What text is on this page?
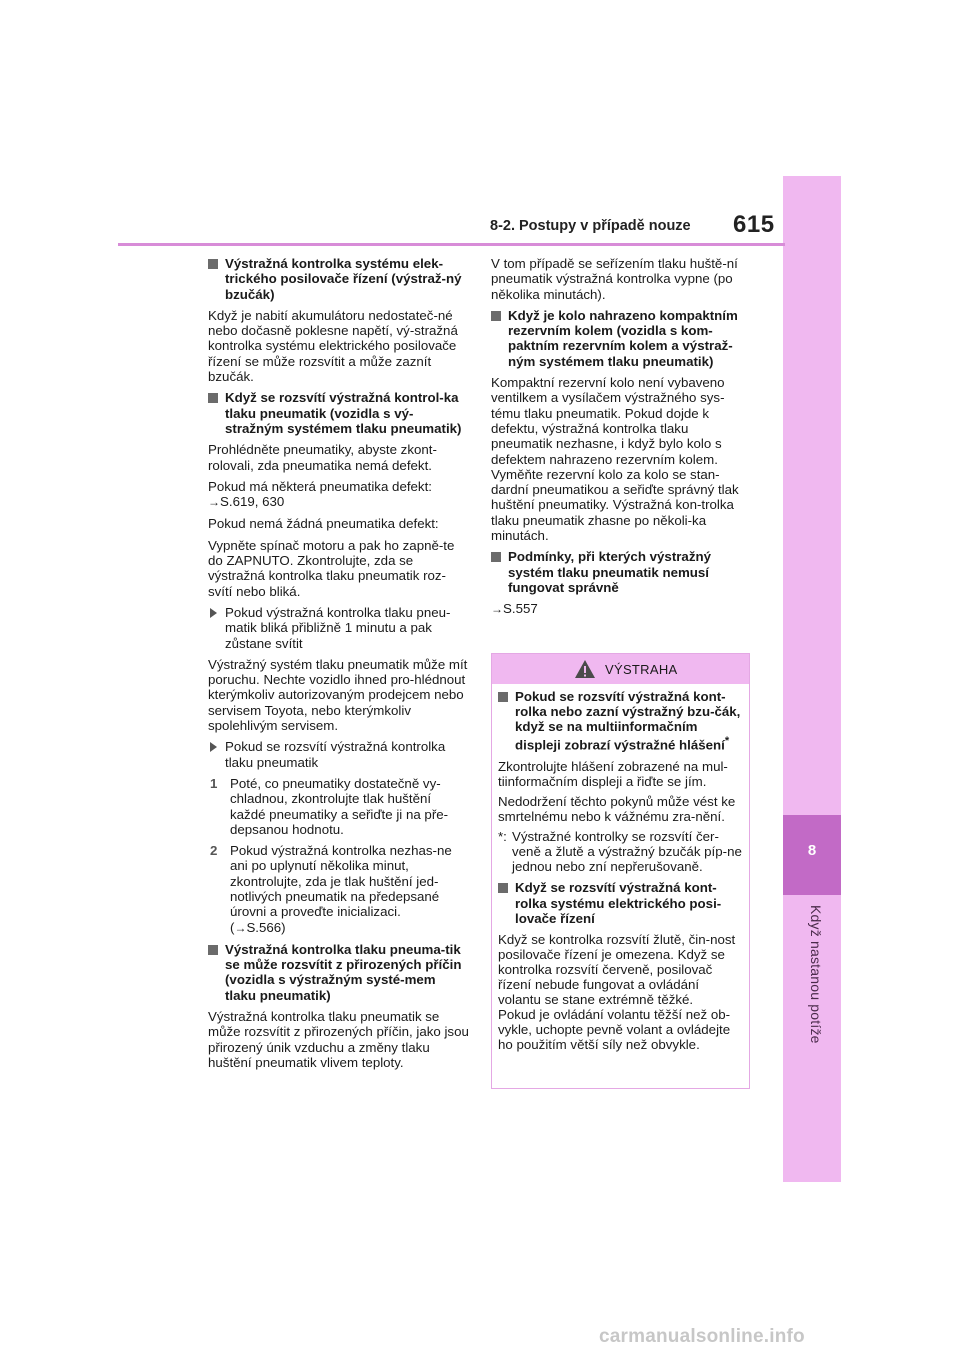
8
Když nastanou potíže
8-2. Postupy v případě nouze 615
Výstražná kontrolka systému elek-trického posilovače řízení (výstraž-ný bzučák)

Když je nabití akumulátoru nedostateč-né nebo dočasně poklesne napětí, vý-stražná kontrolka systému elektrického posilovače řízení se může rozsvítit a může zaznít bzučák.

Když se rozsvítí výstražná kontrol-ka tlaku pneumatik (vozidla s vý-stražným systémem tlaku pneumatik)

Prohlédněte pneumatiky, abyste zkont-rolovali, zda pneumatika nemá defekt.

Pokud má některá pneumatika defekt:
→S.619, 630

Pokud nemá žádná pneumatika defekt:

Vypněte spínač motoru a pak ho zapně-te do ZAPNUTO. Zkontrolujte, zda se výstražná kontrolka tlaku pneumatik roz-svítí nebo bliká.

Pokud výstražná kontrolka tlaku pneu-matik bliká přibližně 1 minutu a pak zůstane svítit

Výstražný systém tlaku pneumatik může mít poruchu. Nechte vozidlo ihned pro-hlédnout kterýmkoliv autorizovaným prodejcem nebo servisem Toyota, nebo kterýmkoliv spolehlivým servisem.

Pokud se rozsvítí výstražná kontrolka tlaku pneumatik
1 Poté, co pneumatiky dostatečně vy-chladnou, zkontrolujte tlak huštění každé pneumatiky a seřiďte ji na pře-depsanou hodnotu.
2 Pokud výstražná kontrolka nezhas-ne ani po uplynutí několika minut, zkontrolujte, zda je tlak huštění jed-notlivých pneumatik na předepsané úrovni a proveďte inicializaci.
(→S.566)
Výstražná kontrolka tlaku pneuma-tik se může rozsvítit z přirozených příčin (vozidla s výstražným systé-mem tlaku pneumatik)

Výstražná kontrolka tlaku pneumatik se může rozsvítit z přirozených příčin, jako jsou přirozený únik vzduchu a změny tlaku huštění pneumatik vlivem teploty.

V tom případě se seřízením tlaku huště-ní pneumatik výstražná kontrolka vypne (po několika minutách).

Když je kolo nahrazeno kompaktním rezervním kolem (vozidla s kom-paktním rezervním kolem a výstraž-ným systémem tlaku pneumatik)

Kompaktní rezervní kolo není vybaveno ventilkem a vysílačem výstražného sys-tému tlaku pneumatik. Pokud dojde k defektu, výstražná kontrolka tlaku pneumatik nezhasne, i když bylo kolo s defektem nahrazeno rezervním kolem. Vyměňte rezervní kolo za kolo se stan-dardní pneumatikou a seřiďte správný tlak huštění pneumatiky. Výstražná kon-trolka tlaku pneumatik zhasne po několi-ka minutách.

Podmínky, při kterých výstražný systém tlaku pneumatik nemusí fungovat správně

→S.557

VÝSTRAHA
Pokud se rozsvítí výstražná kont-rolka nebo zazní výstražný bzu-čák, když se na multiinformačním displeji zobrazí výstražné hlášení*

Zkontrolujte hlášení zobrazené na mul-tiinformačním displeji a řiďte se jím.

Nedodržení těchto pokynů může vést ke smrtelnému nebo k vážnému zra-nění.

*: Výstražné kontrolky se rozsvítí čer-veně a žlutě a výstražný bzučák píp-ne jednou nebo zní nepřerušovaně.
Když se rozsvítí výstražná kont-rolka systému elektrického posi-lovače řízení

Když se kontrolka rozsvítí žlutě, čin-nost posilovače řízení je omezena. Když se kontrolka rozsvítí červeně, posilovač řízení nebude fungovat a ovládání volantu se stane extrémně těžké.

Pokud je ovládání volantu těžší než ob-vykle, uchopte pevně volant a ovládejte ho použitím větší síly než obvykle.

carmanualsonline.info
